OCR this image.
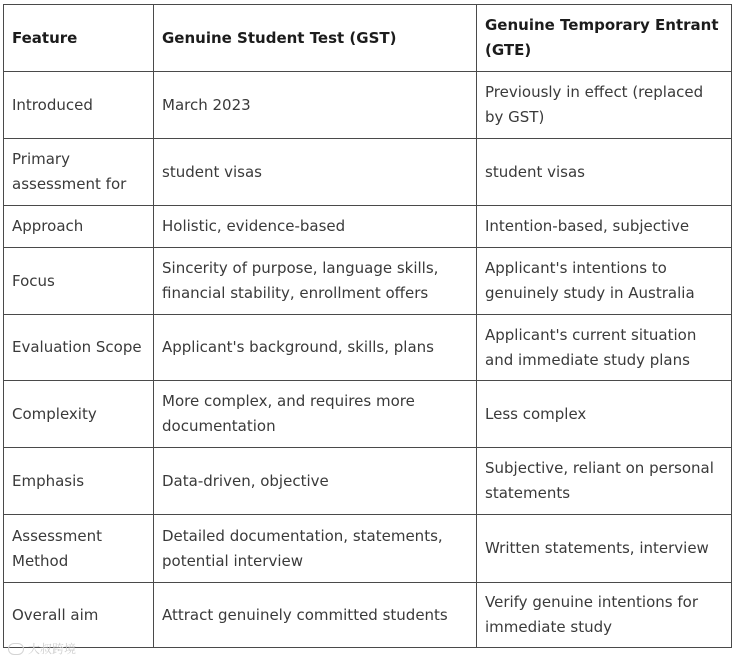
Feature	Genuine Student Test (GST)	Genuine Temporary Entrant (GTE)
Introduced	March 2023	Previously in effect (replaced by GST)
Primary assessment for	student visas	student visas
Approach	Holistic, evidence-based	Intention-based, subjective
Focus	Sincerity of purpose, language skills, financial stability, enrollment offers	Applicant's intentions to genuinely study in Australia
Evaluation Scope	Applicant's background, skills, plans	Applicant's current situation and immediate study plans
Complexity	More complex, and requires more documentation	Less complex
Emphasis	Data-driven, objective	Subjective, reliant on personal statements
Assessment Method	Detailed documentation, statements, potential interview	Written statements, interview
Overall aim	Attract genuinely committed students	Verify genuine intentions for immediate study
大叔跨境
